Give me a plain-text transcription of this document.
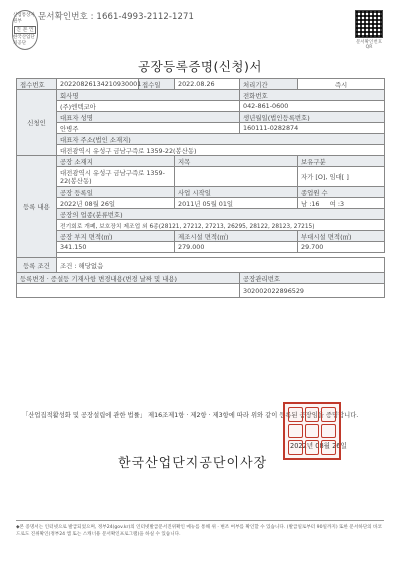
산업통상자원부
진 본 인
한국산업단지공단
문서확인번호 : 1661-4993-2112-1271
문서확인번호 QR
공장등록증명(신청)서
접수번호	20220826134210930001	접수일	2022.08.26	처리기간	즉시
신청인	회사명			전화번호	
	(주)엔텍코아			042-861-0600	
	대표자 성명			생년월일(법인등록번호)	
	안병주			160111-0282874	
	대표자 주소(법인 소재지)				
	대전광역시 유성구 금남구즉로 1359-22(봉산동)				
등록 내용	공장 소재지		지목		보유구분
	대전광역시 유성구 금남구즉로 1359-22(봉산동)				자가 [O], 임대[ ]
	공장 등록일		사업 시작일		종업원 수
	2022년 08월 26일		2011년 05월 01일		남 :16     여 :3
	공장의 업종(분류번호)				
	전기회로 개폐, 보호장치 제조업 외 6종(28121, 27212, 27213, 26295, 28122, 28123, 27215)				
	공장 부지 면적(㎡)		제조시설 면적(㎡)		부대시설 면적(㎡)
	341.150		279.000		29.700

등록 조건	조건 : 해당없음				
등록변경 · 증설등 기재사항 변경내용(변경 날짜 및 내용)				공장관리번호	
				302002022896529	
「산업집적활성화 및 공장설립에 관한 법률」 제16조제1항 · 제2항 · 제3항에 따라 위와 같이 등록된 공장임을 증명합니다.
2022년 08월 26일
한국산업단지공단이사장
◆본 증명서는 인터넷으로 발급되었으며, 정부24(gov.kr)의 인터넷발급문서진위확인 메뉴를 통해 위 · 변조 여부를 확인할 수 있습니다. (발급일로부터 90일까지) 또한 문서하단의 바코드로도 진위확인(정부24 앱 또는 스캐너용 문서확인프로그램)을 하실 수 있습니다.
